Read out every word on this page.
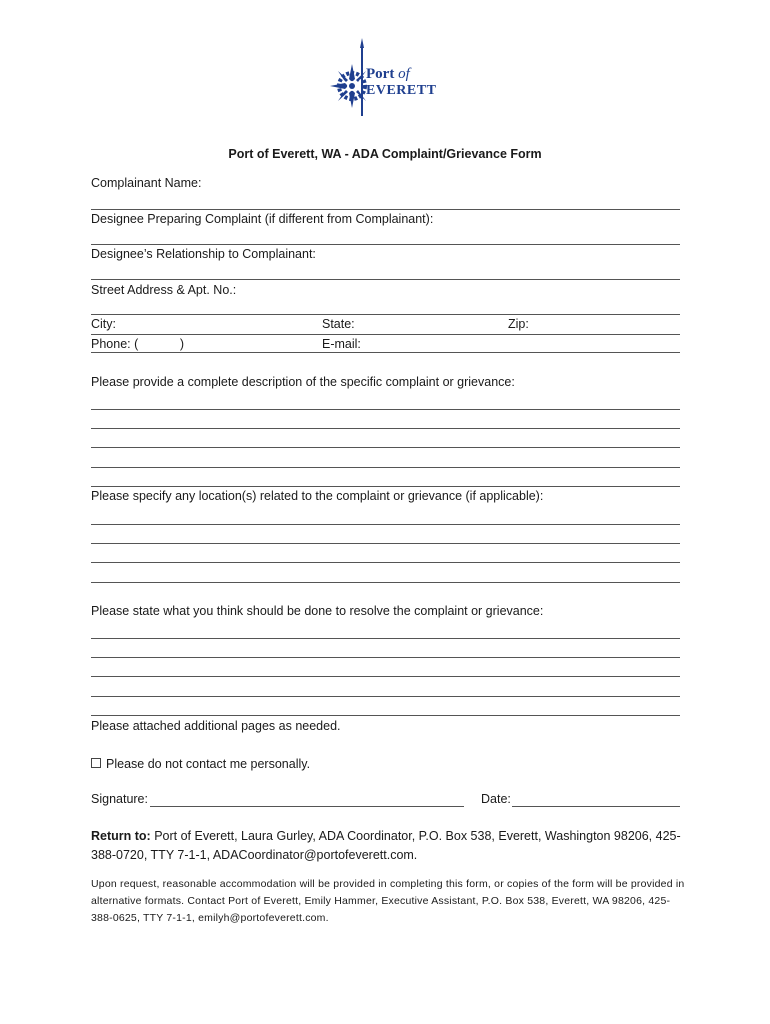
Port of
EVERETT
Port of Everett, WA - ADA Complaint/Grievance Form
Complainant Name:
Designee Preparing Complaint (if different from Complainant):
Designee’s Relationship to Complainant:
Street Address & Apt. No.:
City:	State:	Zip:
Phone: (            )	E-mail:
Please provide a complete description of the specific complaint or grievance:
Please specify any location(s) related to the complaint or grievance (if applicable):
Please state what you think should be done to resolve the complaint or grievance:
Please attached additional pages as needed.
Please do not contact me personally.
Signature:	Date:
Return to: Port of Everett, Laura Gurley, ADA Coordinator, P.O. Box 538, Everett, Washington 98206, 425-388-0720, TTY 7-1-1, ADACoordinator@portofeverett.com.
Upon request, reasonable accommodation will be provided in completing this form, or copies of the form will be provided in alternative formats. Contact Port of Everett, Emily Hammer, Executive Assistant, P.O. Box 538, Everett, WA 98206, 425-388-0625, TTY 7-1-1, emilyh@portofeverett.com.
